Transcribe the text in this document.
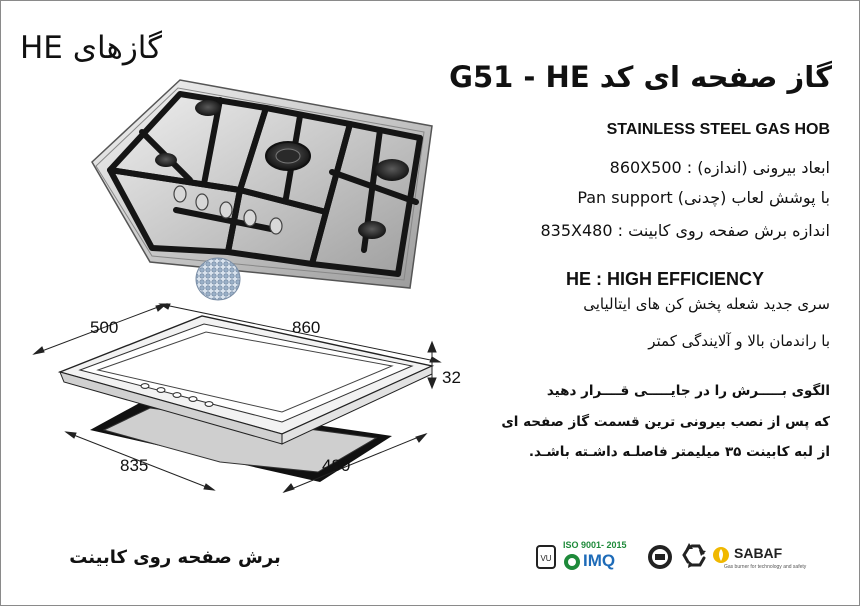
گازهای HE
500	860
32
835	480
گاز صفحه ای کد G51 - HE
STAINLESS STEEL GAS HOB
860X500 : ابعاد بیرونی (اندازه)
Pan support (چدنی) با پوشش لعاب
835X480 : اندازه برش صفحه روی کابینت
HE : HIGH EFFICIENCY
سری جدید شعله پخش کن های ایتالیایی
با راندمان بالا و آلایندگی کمتر
الگوی بـــــرش را در جایـــــی قــــرار دهید
که پس از نصب بیرونی ترین قسمت گاز صفحه ای
از لبه کابینت ۳۵ میلیمتر فاصلـه داشـته باشـد.
برش صفحه روی کابینت	VU
ISO 9001- 2015
IMQ	SABAF
Gas burner for technology and safety
